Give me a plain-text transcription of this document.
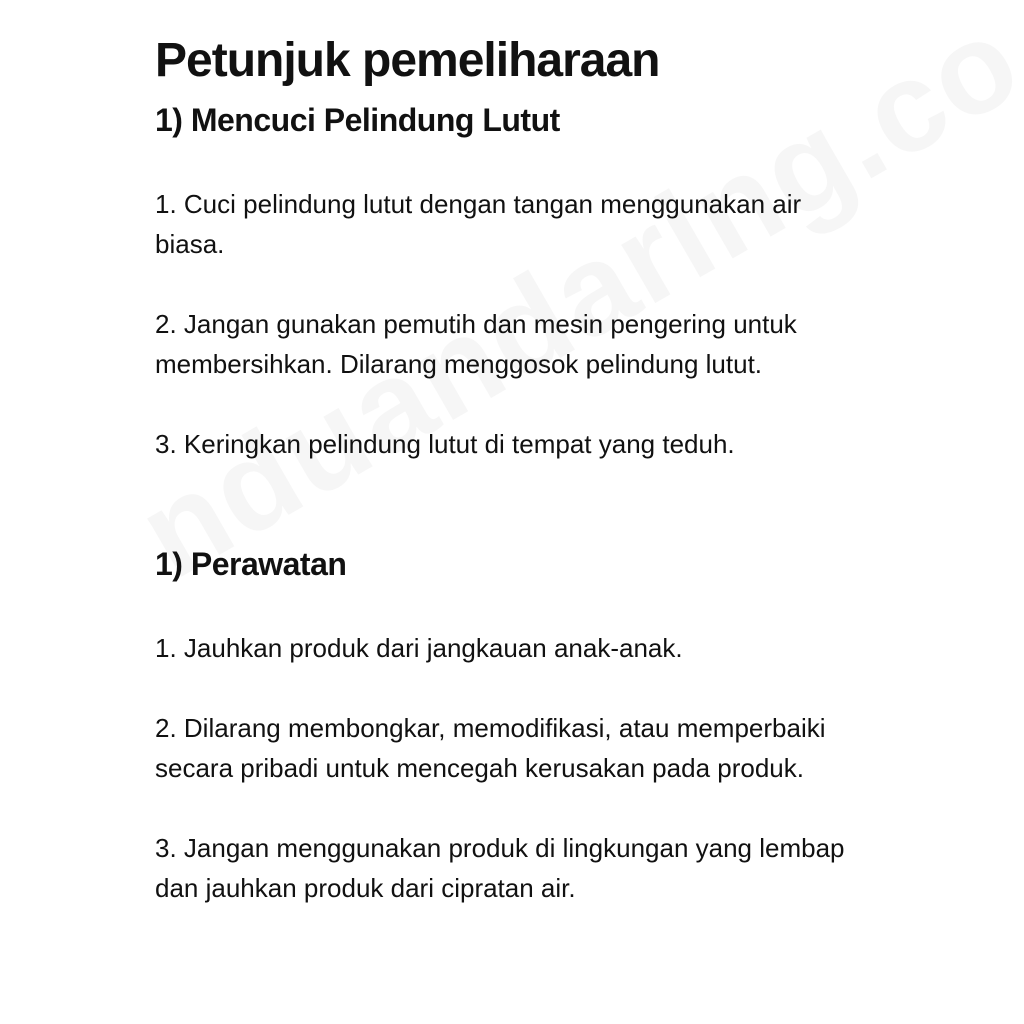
Petunjuk pemeliharaan
1) Mencuci Pelindung Lutut
1. Cuci pelindung lutut dengan tangan menggunakan air biasa.
2. Jangan gunakan pemutih dan mesin pengering untuk membersihkan. Dilarang menggosok pelindung lutut.
3. Keringkan pelindung lutut di tempat yang teduh.
1) Perawatan
1. Jauhkan produk dari jangkauan anak-anak.
2. Dilarang membongkar, memodifikasi, atau memperbaiki secara pribadi untuk mencegah kerusakan pada produk.
3. Jangan menggunakan produk di lingkungan yang lembap dan jauhkan produk dari cipratan air.
